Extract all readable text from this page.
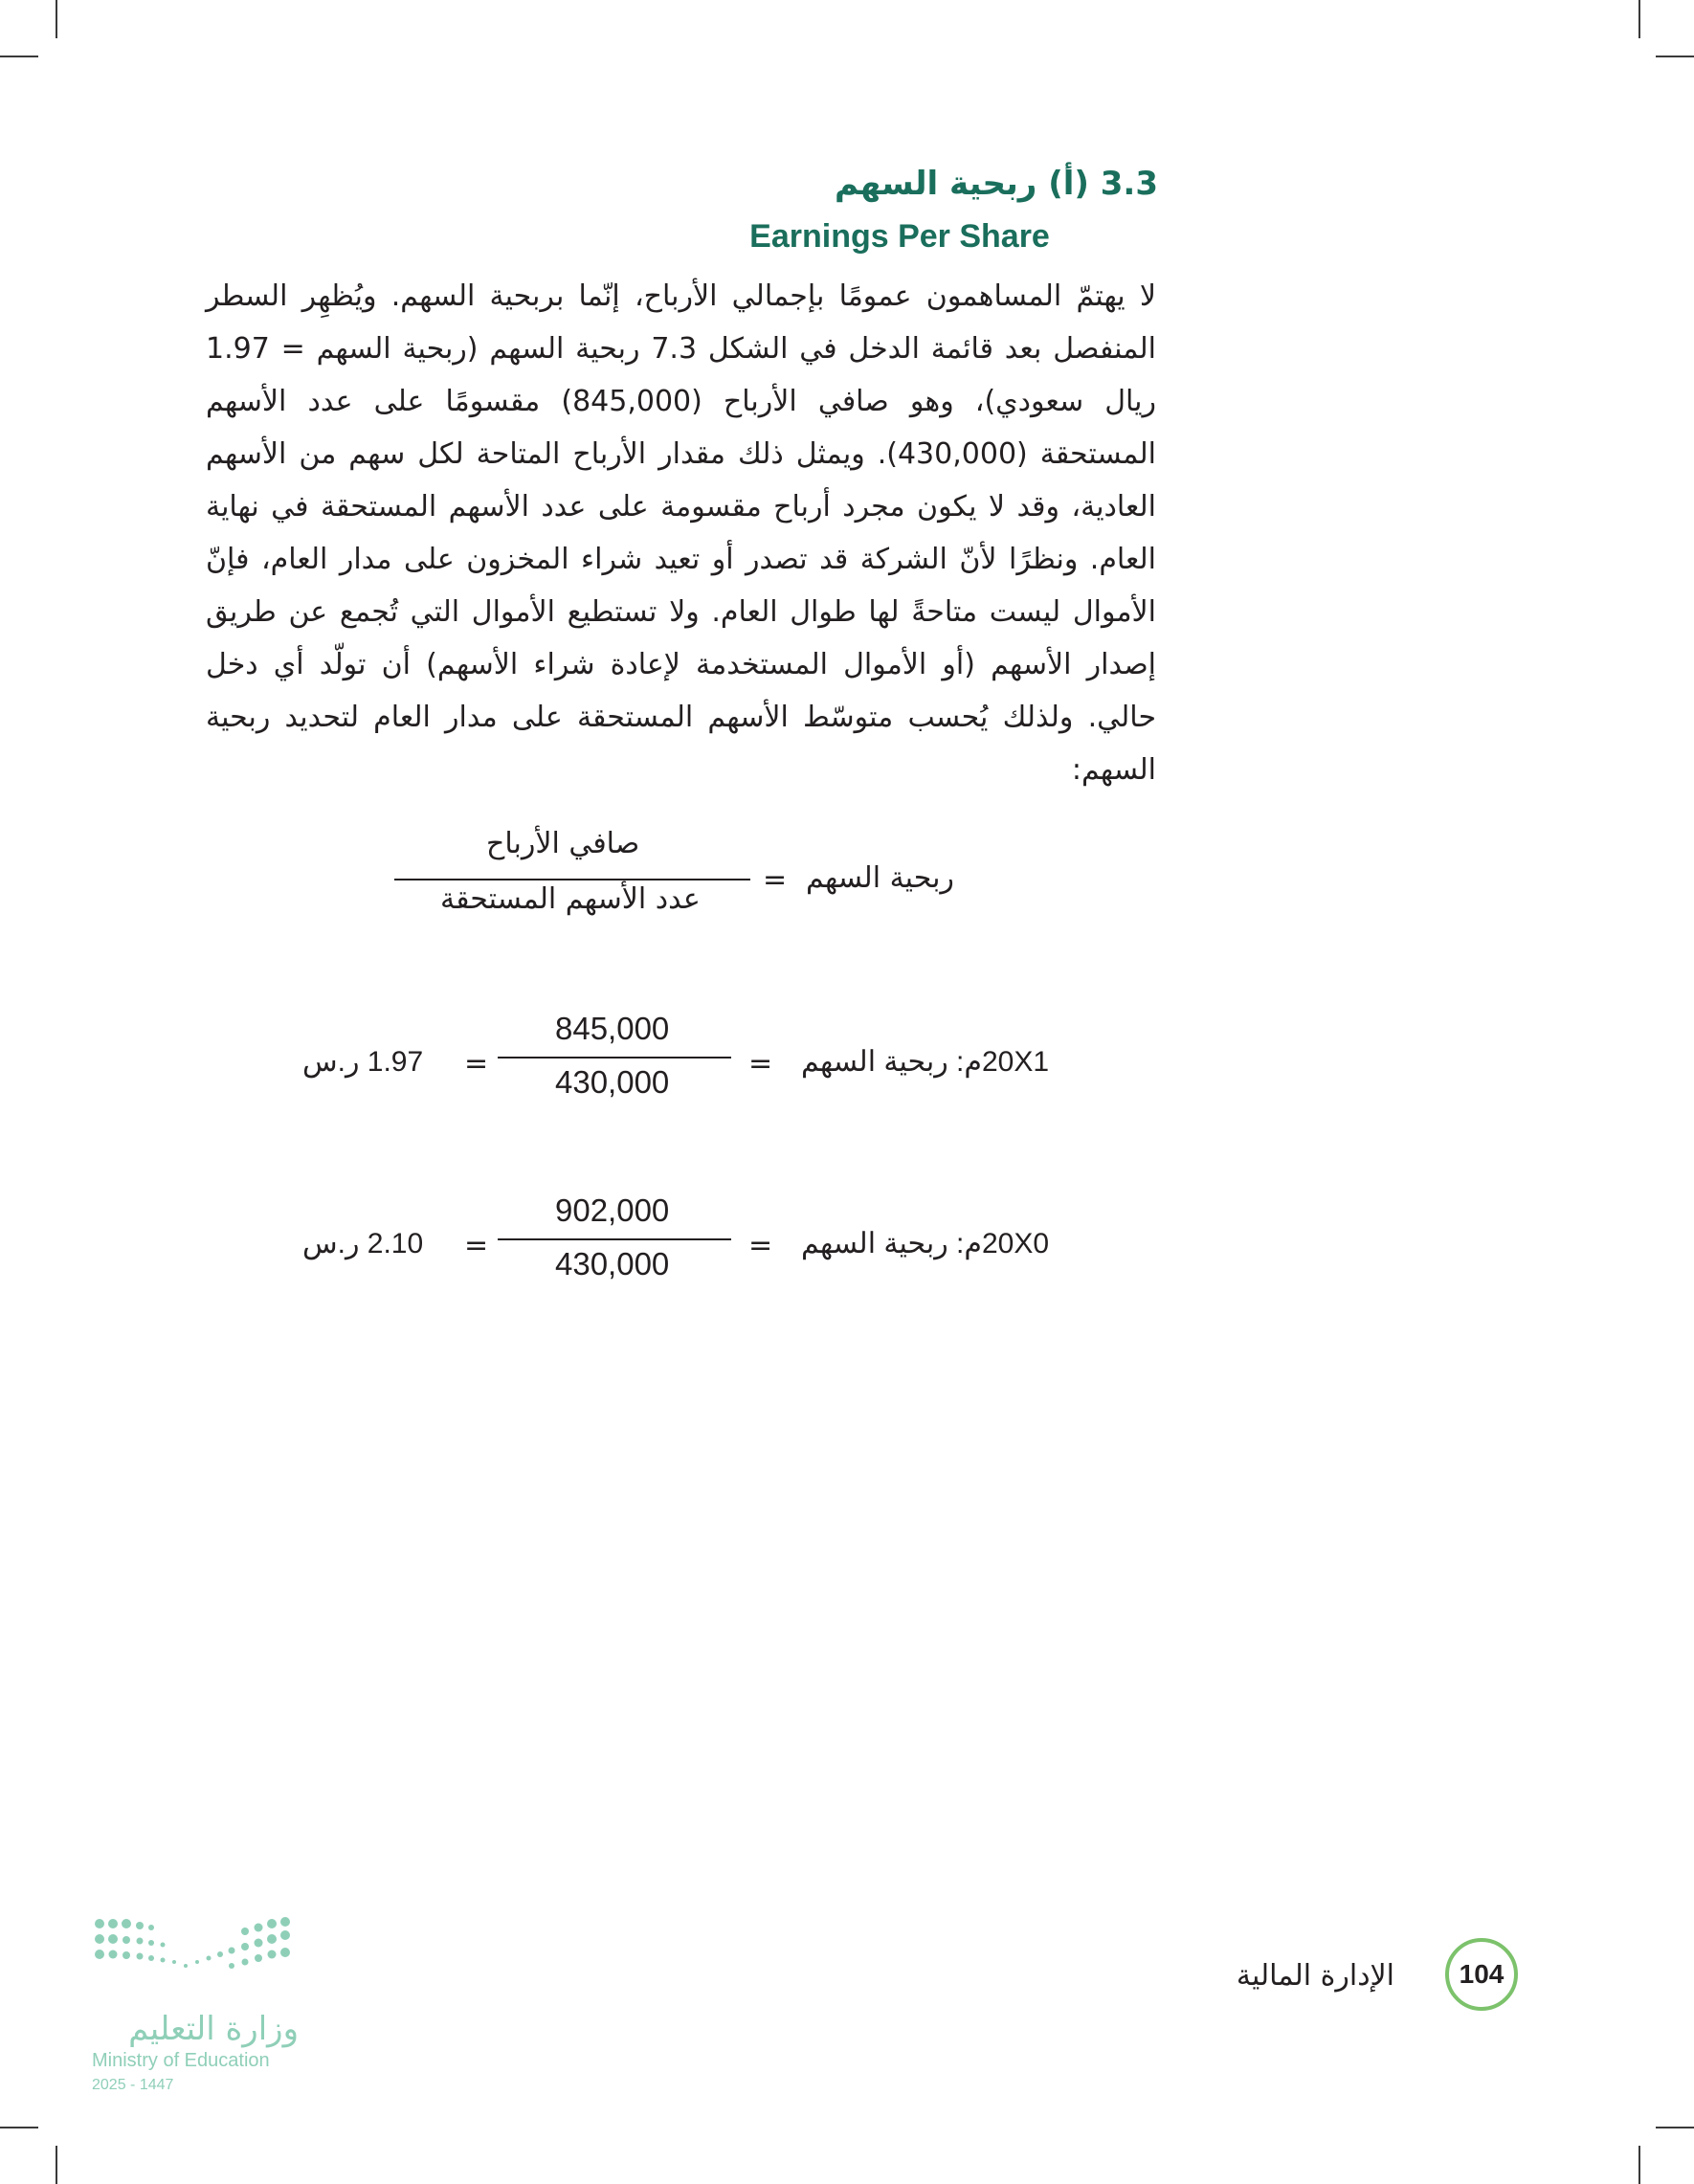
3.3 (أ) ربحية السهم
Earnings Per Share

لا يهتمّ المساهمون عمومًا بإجمالي الأرباح، إنّما بربحية السهم. ويُظهِر السطر المنفصل بعد قائمة الدخل في الشكل 7.3 ربحية السهم (ربحية السهم = 1.97 ريال سعودي)، وهو صافي الأرباح (845,000) مقسومًا على عدد الأسهم المستحقة (430,000). ويمثل ذلك مقدار الأرباح المتاحة لكل سهم من الأسهم العادية، وقد لا يكون مجرد أرباح مقسومة على عدد الأسهم المستحقة في نهاية العام. ونظرًا لأنّ الشركة قد تصدر أو تعيد شراء المخزون على مدار العام، فإنّ الأموال ليست متاحةً لها طوال العام. ولا تستطيع الأموال التي تُجمع عن طريق إصدار الأسهم (أو الأموال المستخدمة لإعادة شراء الأسهم) أن تولّد أي دخل حالي. ولذلك يُحسب متوسّط الأسهم المستحقة على مدار العام لتحديد ربحية السهم:

ربحية السهم
=
صافي الأرباح
عدد الأسهم المستحقة
20X1م: ربحية السهم
=
845,000
430,000
=
1.97 ر.س
20X0م: ربحية السهم
=
902,000
430,000
=
2.10 ر.س
104
الإدارة المالية
وزارة التعليم
Ministry of Education
2025 - 1447
